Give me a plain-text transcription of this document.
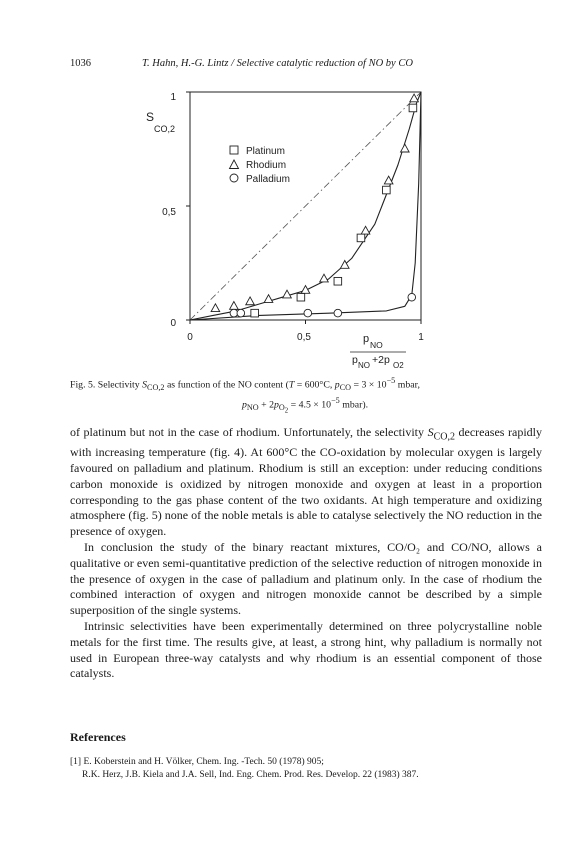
1036	T. Hahn, H.-G. Lintz / Selective catalytic reduction of NO by CO
S
CO,2
1
0,5
0
0	0,5	1
p NO
p NO +2p O2
Platinum
Rhodium
Palladium
Fig. 5. Selectivity $S_{CO,2}$ as function of the NO content (T = 600°C, $p_{CO} = 3 \times 10^{-5}$ mbar,
$p_{NO} + 2p_{O_2} = 4.5 \times 10^{-5}$ mbar).

of platinum but not in the case of rhodium. Unfortunately, the selectivity $S_{CO,2}$ decreases rapidly with increasing temperature (fig. 4). At 600°C the CO-oxidation by molecular oxygen is largely favoured on palladium and platinum. Rhodium is still an exception: under reducing conditions carbon monoxide is oxidized by nitrogen monoxide and oxygen at least in a proportion corresponding to the gas phase content of the two oxidants. At high temperature and oxidizing atmosphere (fig. 5) none of the noble metals is able to catalyse selectively the NO reduction in the presence of oxygen.

In conclusion the study of the binary reactant mixtures, CO/O₂ and CO/NO, allows a qualitative or even semi-quantitative prediction of the selective reduction of nitrogen monoxide in the presence of oxygen in the case of palladium and platinum only. In the case of rhodium the combined interaction of oxygen and nitrogen monoxide cannot be described by a simple superposition of the single systems.

Intrinsic selectivities have been experimentally determined on three polycrystalline noble metals for the first time. The results give, at least, a strong hint, why palladium is normally not used in European three-way catalysts and why rhodium is an essential component of those catalysts.

References
[1] E. Koberstein and H. Völker, Chem. Ing. -Tech. 50 (1978) 905;
R.K. Herz, J.B. Kiela and J.A. Sell, Ind. Eng. Chem. Prod. Res. Develop. 22 (1983) 387.
